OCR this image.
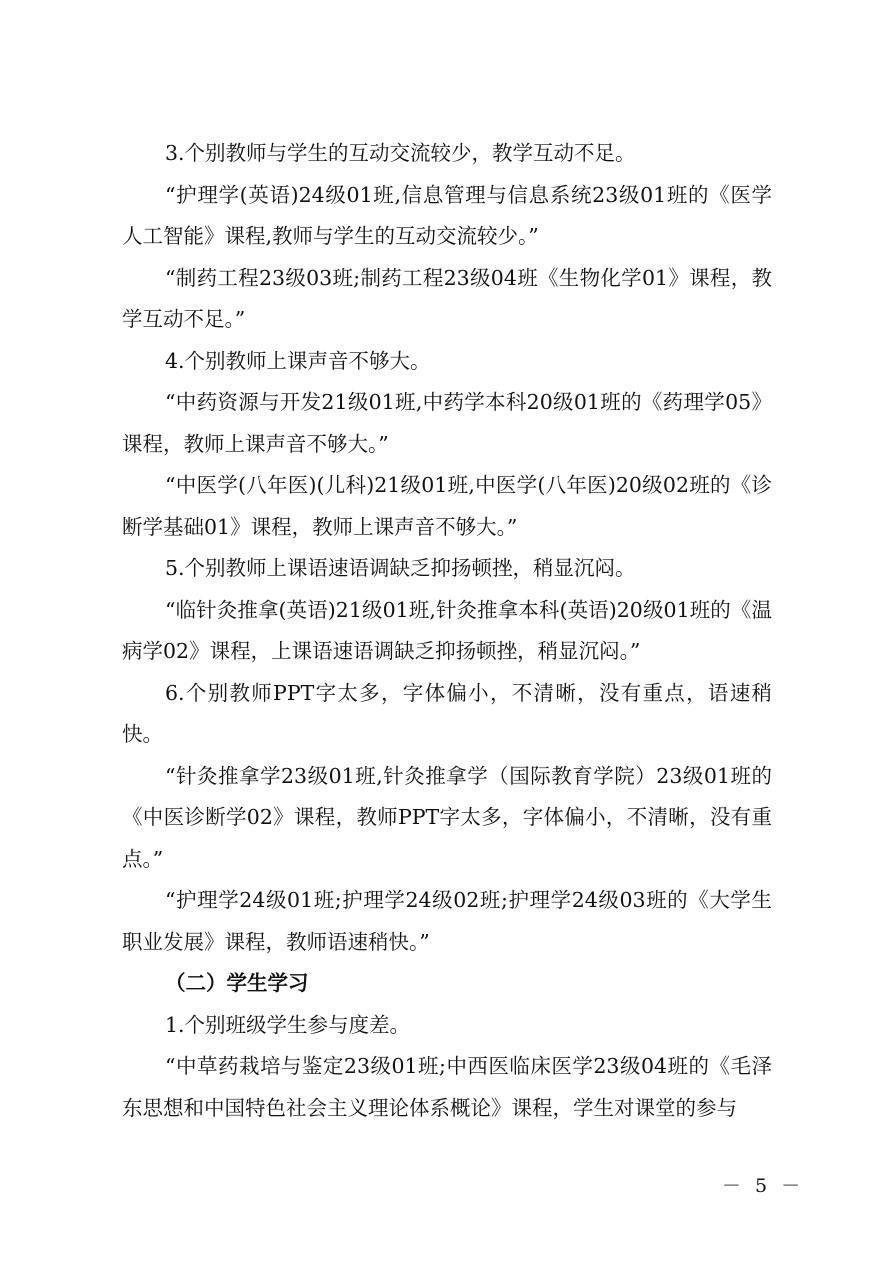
3.个别教师与学生的互动交流较少，教学互动不足。

“护理学(英语)24级01班,信息管理与信息系统23级01班的《医学人工智能》课程,教师与学生的互动交流较少。”

“制药工程23级03班;制药工程23级04班《生物化学01》课程，教学互动不足。”

4.个别教师上课声音不够大。

“中药资源与开发21级01班,中药学本科20级01班的《药理学05》课程，教师上课声音不够大。”

“中医学(八年医)(儿科)21级01班,中医学(八年医)20级02班的《诊断学基础01》课程，教师上课声音不够大。”

5.个别教师上课语速语调缺乏抑扬顿挫，稍显沉闷。

“临针灸推拿(英语)21级01班,针灸推拿本科(英语)20级01班的《温病学02》课程，上课语速语调缺乏抑扬顿挫，稍显沉闷。”

6.个别教师PPT字太多，字体偏小，不清晰，没有重点，语速稍快。

“针灸推拿学23级01班,针灸推拿学（国际教育学院）23级01班的《中医诊断学02》课程，教师PPT字太多，字体偏小，不清晰，没有重点。”

“护理学24级01班;护理学24级02班;护理学24级03班的《大学生职业发展》课程，教师语速稍快。”

（二）学生学习

1.个别班级学生参与度差。

“中草药栽培与鉴定23级01班;中西医临床医学23级04班的《毛泽东思想和中国特色社会主义理论体系概论》课程，学生对课堂的参与

－ 5 －
